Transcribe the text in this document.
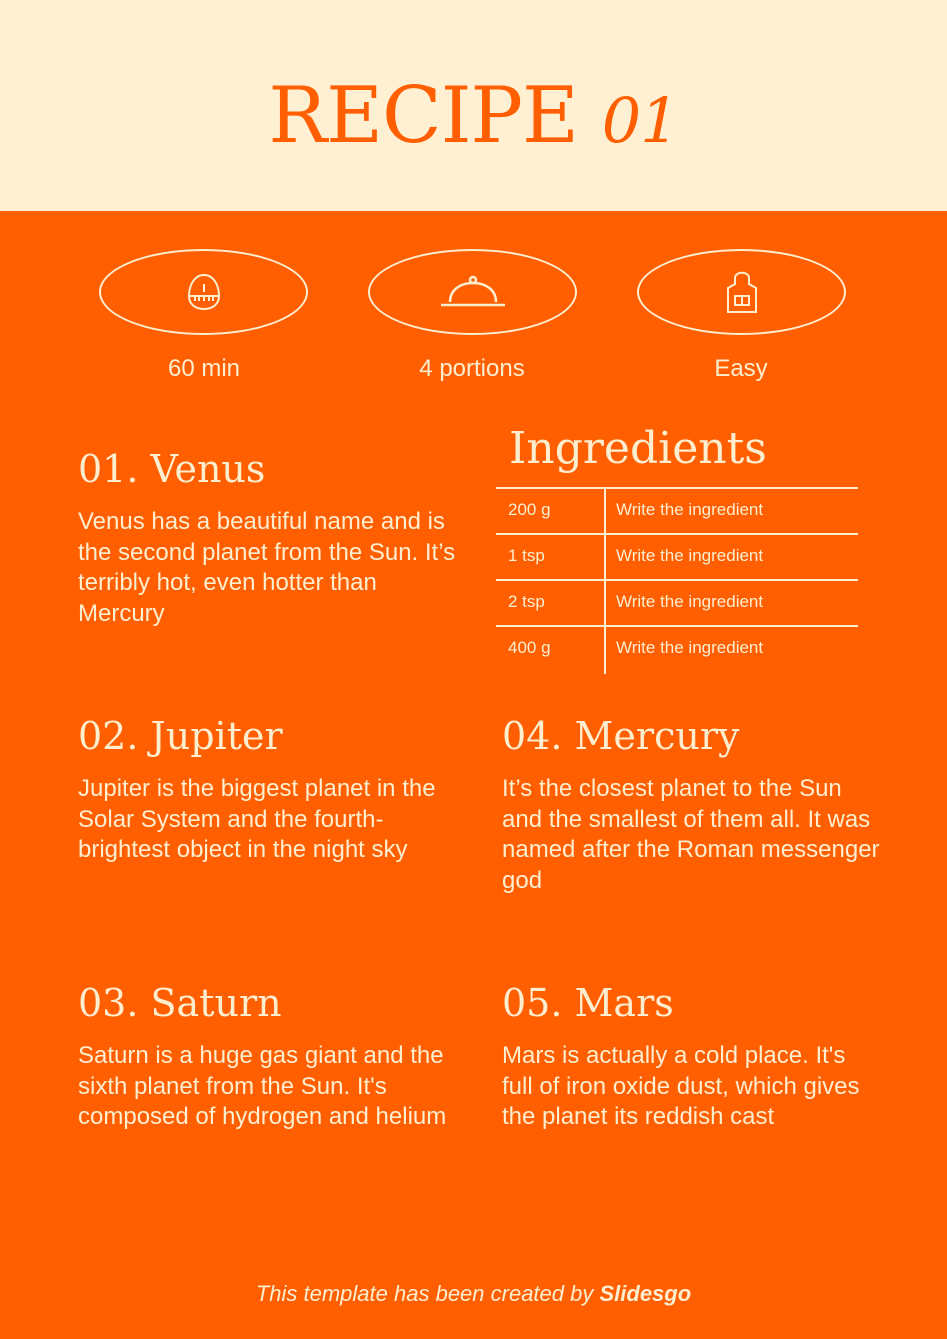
RECIPE 01
60 min	4 portions	Easy
01. Venus
Venus has a beautiful name and is the second planet from the Sun. It’s terribly hot, even hotter than Mercury
02. Jupiter
Jupiter is the biggest planet in the Solar System and the fourth-brightest object in the night sky
03. Saturn
Saturn is a huge gas giant and the sixth planet from the Sun. It's composed of hydrogen and helium
04. Mercury
It’s the closest planet to the Sun and the smallest of them all. It was named after the Roman messenger god
05. Mars
Mars is actually a cold place. It's full of iron oxide dust, which gives the planet its reddish cast
Ingredients
200 g	Write the ingredient
1 tsp	Write the ingredient
2 tsp	Write the ingredient
400 g	Write the ingredient
This template has been created by Slidesgo
